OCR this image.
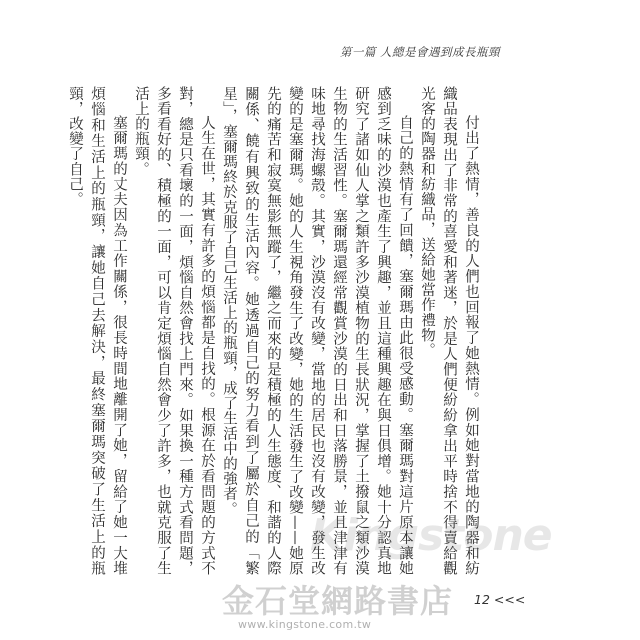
第一篇 人總是會遇到成長瓶頸

付出了熱情，善良的人們也回報了她熱情。例如她對當地的陶器和紡織品表現出了非常的喜愛和著迷，於是人們便紛紛拿出平時捨不得賣給觀光客的陶器和紡織品，送給她當作禮物。

自己的熱情有了回饋，塞爾瑪由此很受感動。塞爾瑪對這片原本讓她感到乏味的沙漠也產生了興趣，並且這種興趣在與日俱增。她十分認真地研究了諸如仙人掌之類許多沙漠植物的生長狀況，掌握了土撥鼠之類沙漠生物的生活習性。塞爾瑪還經常觀賞沙漠的日出和日落勝景，並且津津有味地尋找海螺殼。其實，沙漠沒有改變，當地的居民也沒有改變，發生改變的是塞爾瑪。她的人生視角發生了改變，她的生活發生了改變——她原先的痛苦和寂寞無影無蹤了，繼之而來的是積極的人生態度、和諧的人際關係、饒有興致的生活內容。她透過自己的努力看到了屬於自己的「繁星」，塞爾瑪終於克服了自己生活上的瓶頸，成了生活中的強者。

人生在世，其實有許多的煩惱都是自找的。根源在於看問題的方式不對，總是只看壞的一面，煩惱自然會找上門來。如果換一種方式看問題，多看看好的、積極的一面，可以肯定煩惱自然會少了許多，也就克服了生活上的瓶頸。

塞爾瑪的丈夫因為工作關係，很長時間地離開了她，留給了她一大堆煩惱和生活上的瓶頸，讓她自己去解決，最終塞爾瑪突破了生活上的瓶頸，改變了自己。

Kingstone
金石堂網路書店
www.kingstone.com.tw
12 <<<
